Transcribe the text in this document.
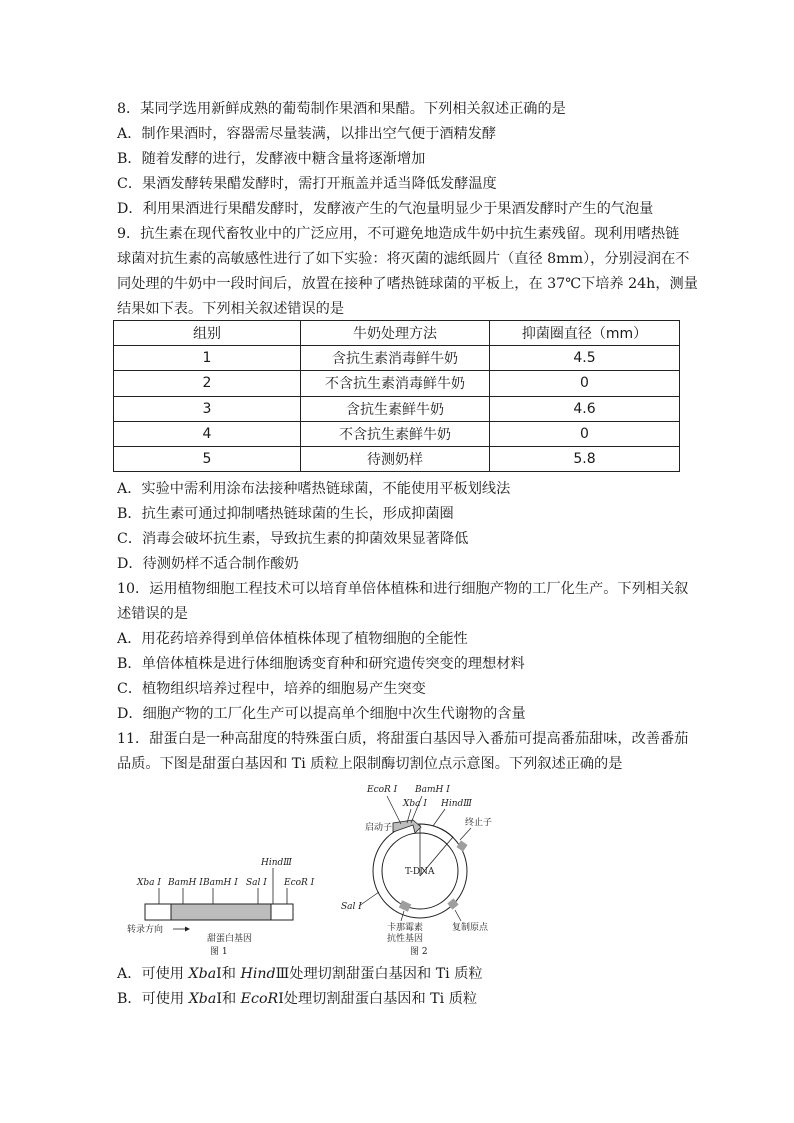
8．某同学选用新鲜成熟的葡萄制作果酒和果醋。下列相关叙述正确的是
A．制作果酒时，容器需尽量装满，以排出空气便于酒精发酵
B．随着发酵的进行，发酵液中糖含量将逐渐增加
C．果酒发酵转果醋发酵时，需打开瓶盖并适当降低发酵温度
D．利用果酒进行果醋发酵时，发酵液产生的气泡量明显少于果酒发酵时产生的气泡量
9．抗生素在现代畜牧业中的广泛应用，不可避免地造成牛奶中抗生素残留。现利用嗜热链
球菌对抗生素的高敏感性进行了如下实验：将灭菌的滤纸圆片（直径 8mm），分别浸润在不
同处理的牛奶中一段时间后，放置在接种了嗜热链球菌的平板上，在 37℃下培养 24h，测量
结果如下表。下列相关叙述错误的是
组别	牛奶处理方法	抑菌圈直径（mm）
1	含抗生素消毒鲜牛奶	4.5
2	不含抗生素消毒鲜牛奶	0
3	含抗生素鲜牛奶	4.6
4	不含抗生素鲜牛奶	0
5	待测奶样	5.8
A．实验中需利用涂布法接种嗜热链球菌，不能使用平板划线法
B．抗生素可通过抑制嗜热链球菌的生长，形成抑菌圈
C．消毒会破坏抗生素，导致抗生素的抑菌效果显著降低
D．待测奶样不适合制作酸奶
10．运用植物细胞工程技术可以培育单倍体植株和进行细胞产物的工厂化生产。下列相关叙
述错误的是
A．用花药培养得到单倍体植株体现了植物细胞的全能性
B．单倍体植株是进行体细胞诱变育种和研究遗传突变的理想材料
C．植物组织培养过程中，培养的细胞易产生突变
D．细胞产物的工厂化生产可以提高单个细胞中次生代谢物的含量
11．甜蛋白是一种高甜度的特殊蛋白质，将甜蛋白基因导入番茄可提高番茄甜味，改善番茄
品质。下图是甜蛋白基因和 Ti 质粒上限制酶切割位点示意图。下列叙述正确的是
Xba Ⅰ BamH Ⅰ BamH Ⅰ Sal Ⅰ
HindⅢ
EcoR Ⅰ
转录方向
甜蛋白基因
图 1
EcoR Ⅰ BamH Ⅰ
Xba Ⅰ HindⅢ
启动子	终止子
T-DNA
Sal Ⅰ
卡那霉素
抗性基因
复制原点
图 2
A．可使用 XbaⅠ和 HindⅢ处理切割甜蛋白基因和 Ti 质粒
B．可使用 XbaⅠ和 EcoRⅠ处理切割甜蛋白基因和 Ti 质粒
